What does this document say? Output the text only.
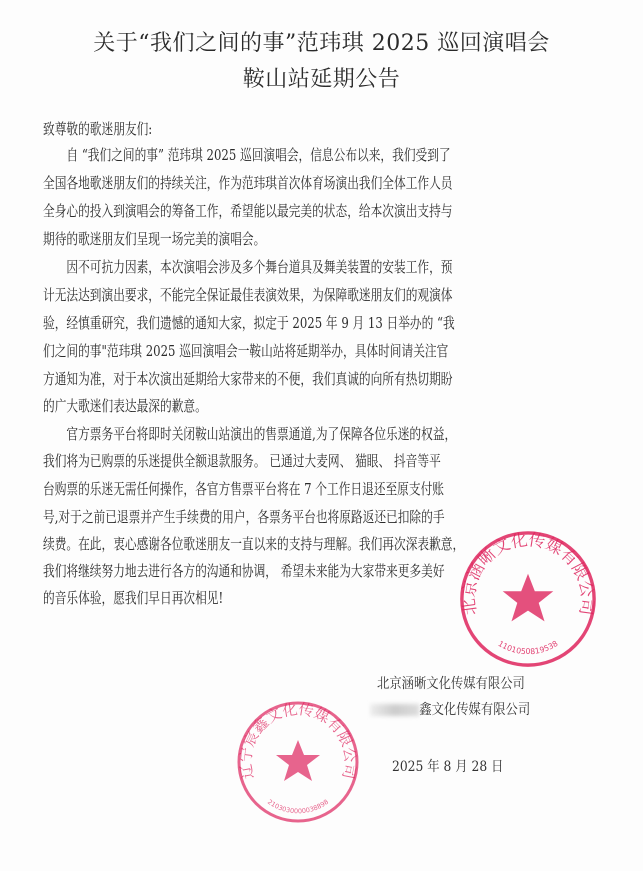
关于“我们之间的事”范玮琪 2025 巡回演唱会
鞍山站延期公告
致尊敬的歌迷朋友们:
　　自 “我们之间的事” 范玮琪 2025 巡回演唱会，信息公布以来，我们受到了
全国各地歌迷朋友们的持续关注，作为范玮琪首次体育场演出我们全体工作人员
全身心的投入到演唱会的筹备工作，希望能以最完美的状态，给本次演出支持与
期待的歌迷朋友们呈现一场完美的演唱会。
　　因不可抗力因素，本次演唱会涉及多个舞台道具及舞美装置的安装工作，预
计无法达到演出要求，不能完全保证最佳表演效果，为保障歌迷朋友们的观演体
验，经慎重研究，我们遗憾的通知大家，拟定于 2025 年 9 月 13 日举办的 “我
们之间的事"范玮琪 2025 巡回演唱会一鞍山站将延期举办，具体时间请关注官
方通知为准，对于本次演出延期给大家带来的不便，我们真诚的向所有热切期盼
的广大歌迷们表达最深的歉意。
　　官方票务平台将即时关闭鞍山站演出的售票通道,为了保障各位乐迷的权益，
我们将为已购票的乐迷提供全额退款服务。 已通过大麦网、 猫眼、 抖音等平
台购票的乐迷无需任何操作，各官方售票平台将在 7 个工作日退还至原支付账
号,对于之前已退票并产生手续费的用户，各票务平台也将原路返还已扣除的手
续费。在此，衷心感谢各位歌迷朋友一直以来的支持与理解。我们再次深表歉意，
我们将继续努力地去进行各方的沟通和协调， 希望未来能为大家带来更多美好
的音乐体验，愿我们早日再次相见!
北京涵晰文化传媒有限公司
鑫文化传媒有限公司
2025 年 8 月 28 日
北京涵晰文化传媒有限公司
1101050819538
辽宁宸鑫文化传媒有限公司
2103030000038898
